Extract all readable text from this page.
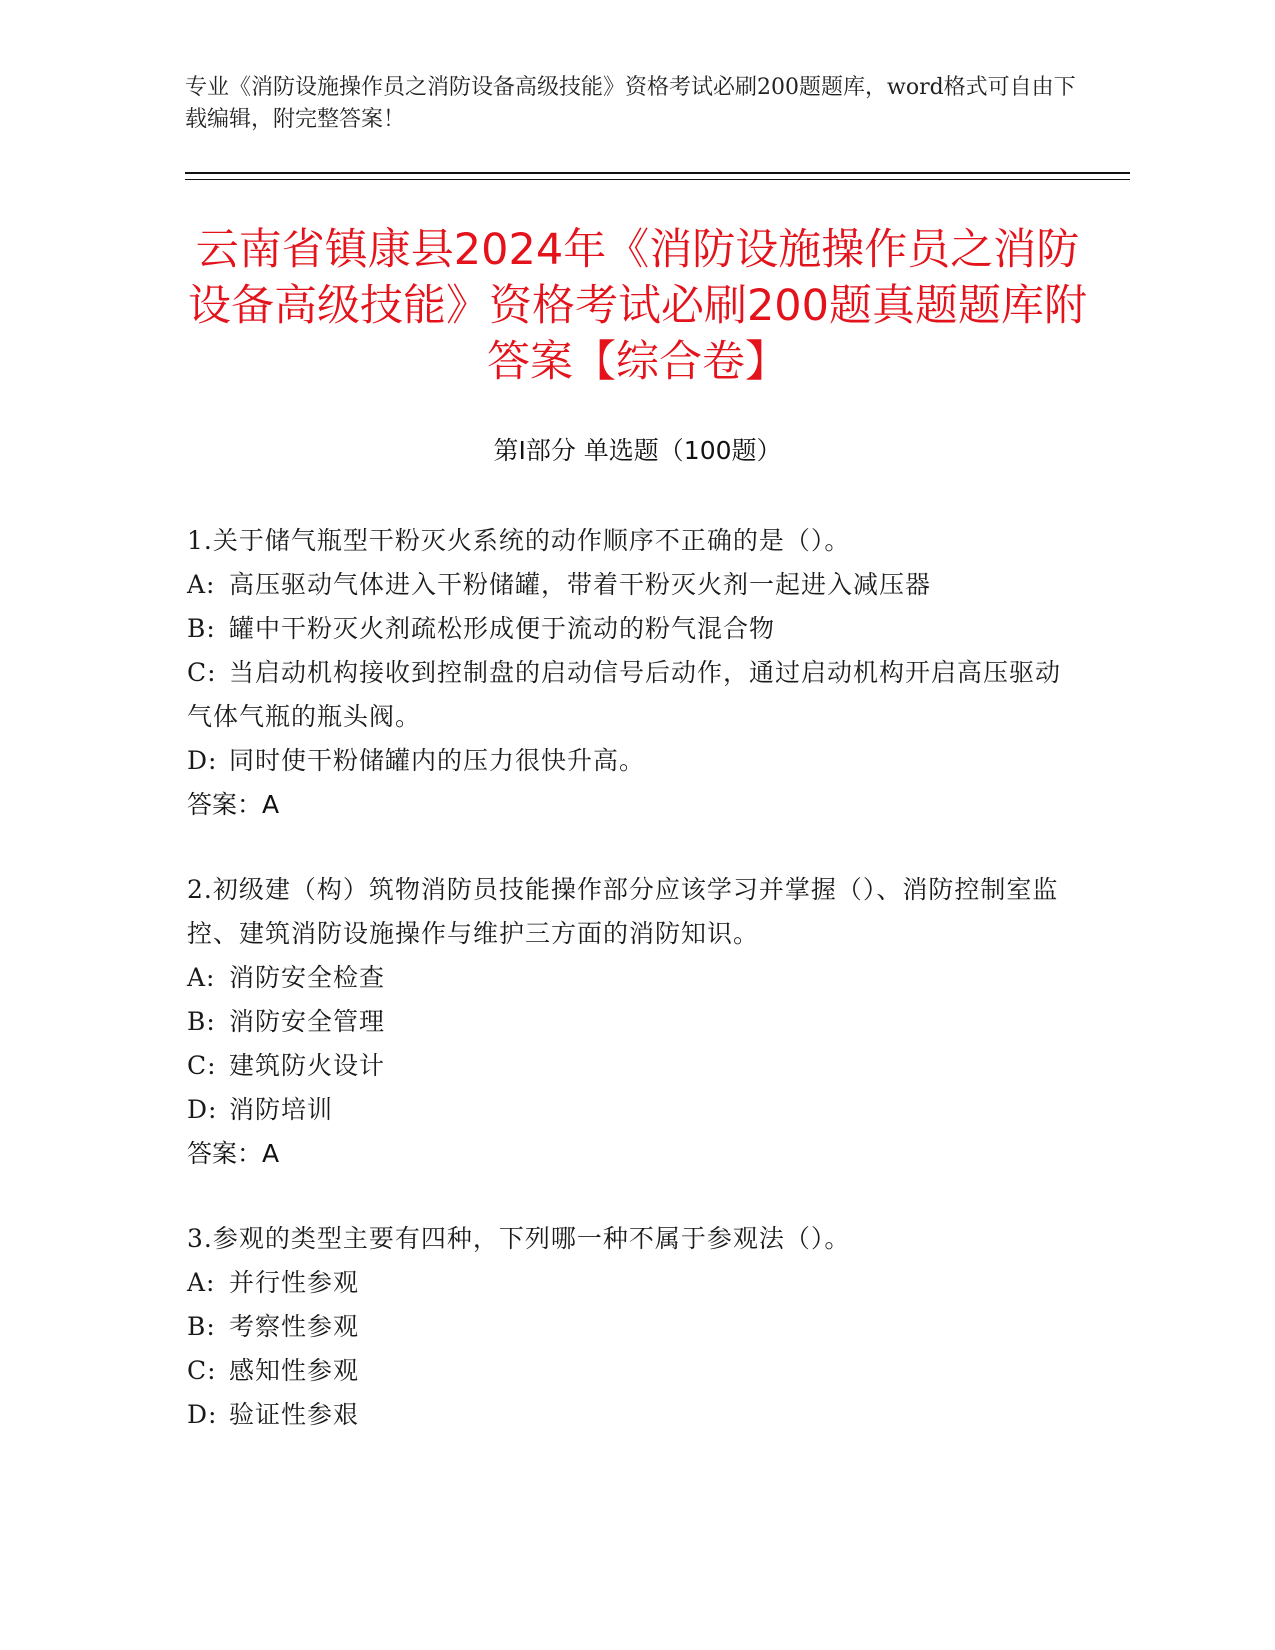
专业《消防设施操作员之消防设备高级技能》资格考试必刷200题题库，word格式可自由下载编辑，附完整答案！
云南省镇康县2024年《消防设施操作员之消防设备高级技能》资格考试必刷200题真题题库附答案【综合卷】
第Ⅰ部分 单选题（100题）
1.关于储气瓶型干粉灭火系统的动作顺序不正确的是（）。
A: 高压驱动气体进入干粉储罐，带着干粉灭火剂一起进入减压器
B: 罐中干粉灭火剂疏松形成便于流动的粉气混合物
C: 当启动机构接收到控制盘的启动信号后动作，通过启动机构开启高压驱动气体气瓶的瓶头阀。
D: 同时使干粉储罐内的压力很快升高。
答案：A
2.初级建（构）筑物消防员技能操作部分应该学习并掌握（）、消防控制室监控、建筑消防设施操作与维护三方面的消防知识。
A: 消防安全检查
B: 消防安全管理
C: 建筑防火设计
D: 消防培训
答案：A
3.参观的类型主要有四种，下列哪一种不属于参观法（）。
A: 并行性参观
B: 考察性参观
C: 感知性参观
D: 验证性参艰
